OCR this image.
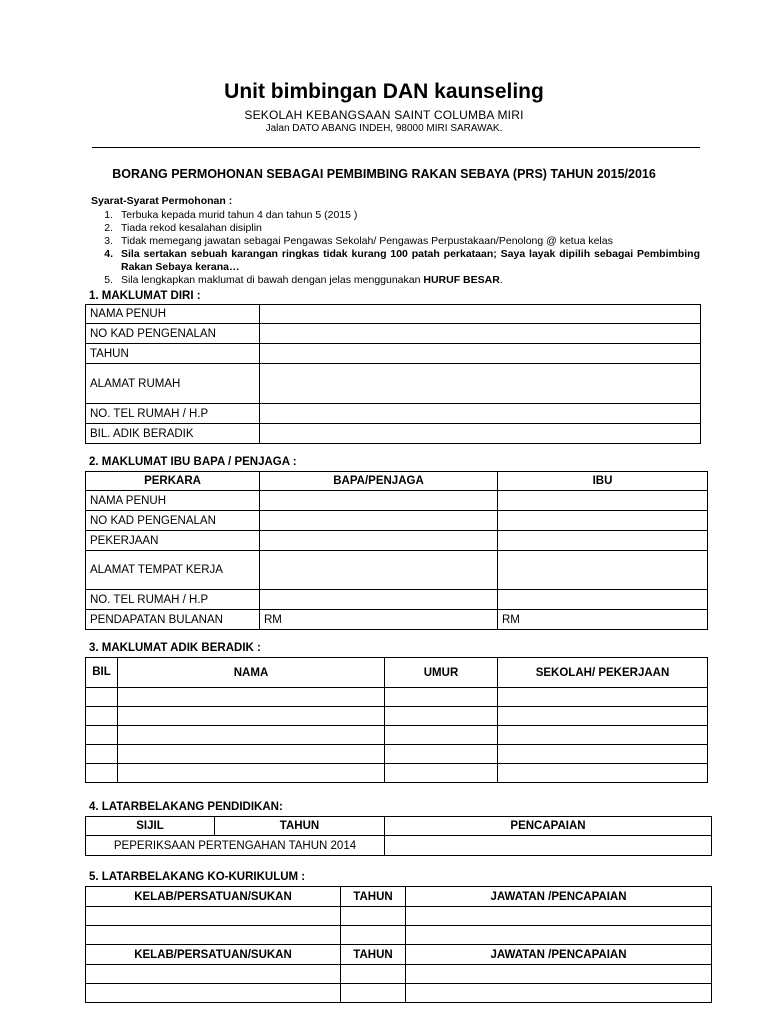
Unit bimbingan DAN kaunseling
SEKOLAH KEBANGSAAN SAINT COLUMBA MIRI
Jalan DATO ABANG INDEH, 98000 MIRI SARAWAK.
BORANG PERMOHONAN SEBAGAI PEMBIMBING RAKAN SEBAYA (PRS) TAHUN 2015/2016
Syarat-Syarat Permohonan :
1. Terbuka kepada murid tahun 4 dan tahun 5 (2015 )
2. Tiada rekod kesalahan disiplin
3. Tidak memegang jawatan sebagai Pengawas Sekolah/ Pengawas Perpustakaan/Penolong @ ketua kelas
4. Sila sertakan sebuah karangan ringkas tidak kurang 100 patah perkataan; Saya layak dipilih sebagai Pembimbing Rakan Sebaya kerana…
5. Sila lengkapkan maklumat di bawah dengan jelas menggunakan HURUF BESAR.
1. MAKLUMAT DIRI :
NAMA PENUH	
NO KAD PENGENALAN	
TAHUN	
ALAMAT RUMAH	
NO. TEL RUMAH / H.P	
BIL. ADIK BERADIK	
2. MAKLUMAT IBU BAPA / PENJAGA :
PERKARA	BAPA/PENJAGA	IBU
NAMA PENUH		
NO KAD PENGENALAN		
PEKERJAAN		
ALAMAT TEMPAT KERJA		
NO. TEL RUMAH / H.P		
PENDAPATAN BULANAN	RM	RM
3. MAKLUMAT ADIK BERADIK :
BIL	NAMA	UMUR	SEKOLAH/ PEKERJAAN

4. LATARBELAKANG PENDIDIKAN:
SIJIL	TAHUN	PENCAPAIAN
PEPERIKSAAN PERTENGAHAN TAHUN 2014		
5. LATARBELAKANG KO-KURIKULUM :
KELAB/PERSATUAN/SUKAN	TAHUN	JAWATAN /PENCAPAIAN

KELAB/PERSATUAN/SUKAN	TAHUN	JAWATAN /PENCAPAIAN
